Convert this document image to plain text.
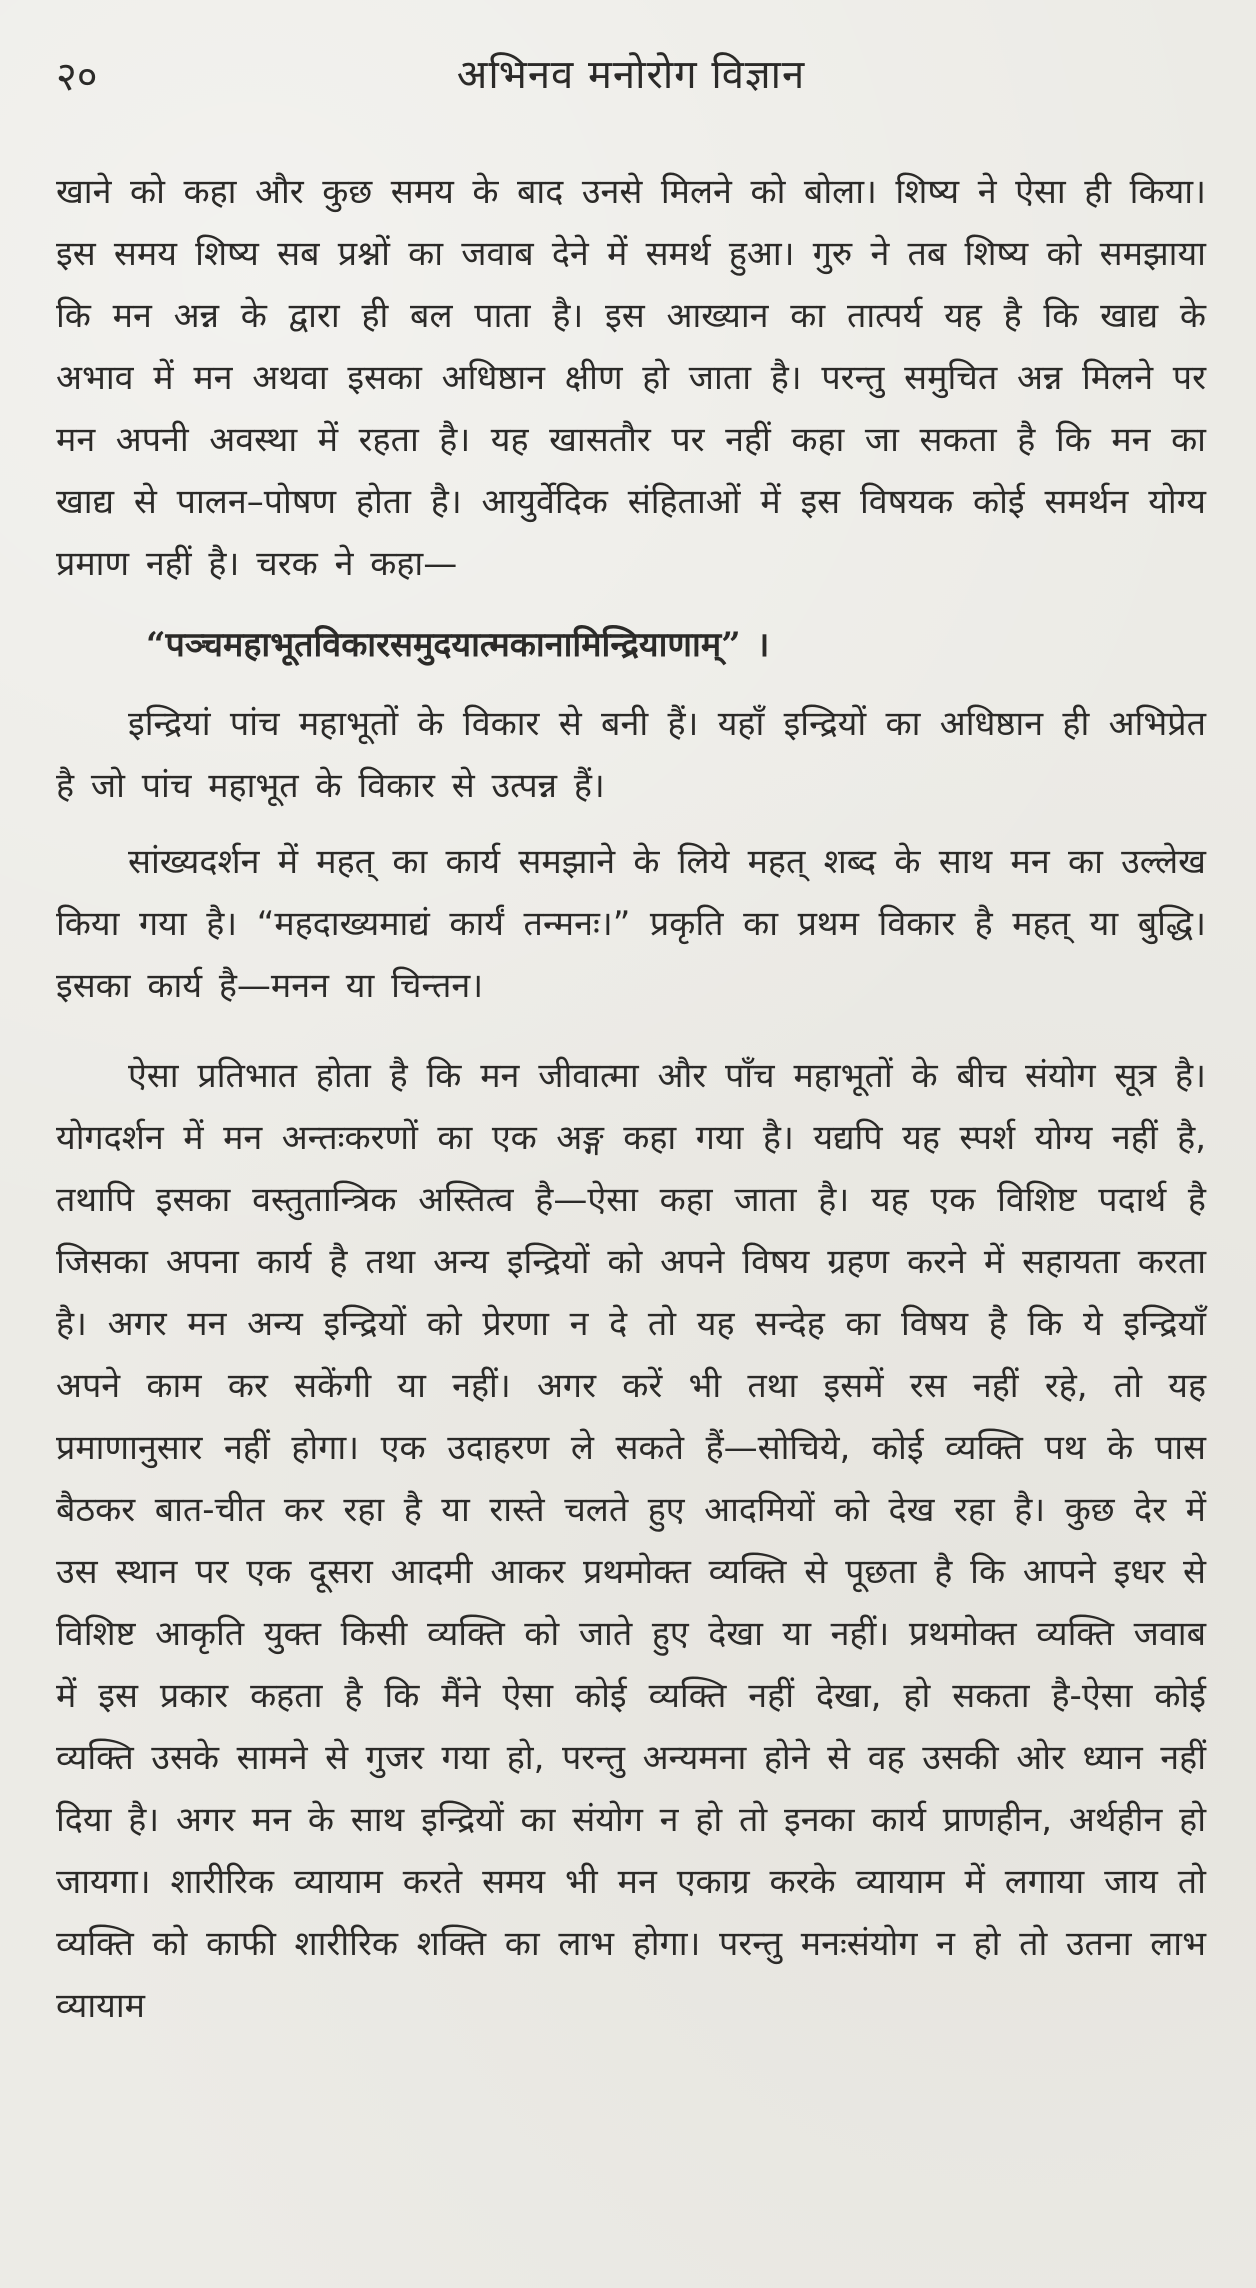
२०	अभिनव मनोरोग विज्ञान

खाने को कहा और कुछ समय के बाद उनसे मिलने को बोला। शिष्य ने ऐसा ही किया। इस समय शिष्य सब प्रश्नों का जवाब देने में समर्थ हुआ। गुरु ने तब शिष्य को समझाया कि मन अन्न के द्वारा ही बल पाता है। इस आख्यान का तात्पर्य यह है कि खाद्य के अभाव में मन अथवा इसका अधिष्ठान क्षीण हो जाता है। परन्तु समुचित अन्न मिलने पर मन अपनी अवस्था में रहता है। यह खासतौर पर नहीं कहा जा सकता है कि मन का खाद्य से पालन–पोषण होता है। आयुर्वेदिक संहिताओं में इस विषयक कोई समर्थन योग्य प्रमाण नहीं है। चरक ने कहा—

“पञ्चमहाभूतविकारसमुदयात्मकानामिन्द्रियाणाम्” ।

इन्द्रियां पांच महाभूतों के विकार से बनी हैं। यहाँ इन्द्रियों का अधिष्ठान ही अभिप्रेत है जो पांच महाभूत के विकार से उत्पन्न हैं।

सांख्यदर्शन में महत् का कार्य समझाने के लिये महत् शब्द के साथ मन का उल्लेख किया गया है। “महदाख्यमाद्यं कार्यं तन्मनः।” प्रकृति का प्रथम विकार है महत् या बुद्धि। इसका कार्य है—मनन या चिन्तन।

ऐसा प्रतिभात होता है कि मन जीवात्मा और पाँच महाभूतों के बीच संयोग सूत्र है। योगदर्शन में मन अन्तःकरणों का एक अङ्ग कहा गया है। यद्यपि यह स्पर्श योग्य नहीं है, तथापि इसका वस्तुतान्त्रिक अस्तित्व है—ऐसा कहा जाता है। यह एक विशिष्ट पदार्थ है जिसका अपना कार्य है तथा अन्य इन्द्रियों को अपने विषय ग्रहण करने में सहायता करता है। अगर मन अन्य इन्द्रियों को प्रेरणा न दे तो यह सन्देह का विषय है कि ये इन्द्रियाँ अपने काम कर सकेंगी या नहीं। अगर करें भी तथा इसमें रस नहीं रहे, तो यह प्रमाणानुसार नहीं होगा। एक उदाहरण ले सकते हैं—सोचिये, कोई व्यक्ति पथ के पास बैठकर बात-चीत कर रहा है या रास्ते चलते हुए आदमियों को देख रहा है। कुछ देर में उस स्थान पर एक दूसरा आदमी आकर प्रथमोक्त व्यक्ति से पूछता है कि आपने इधर से विशिष्ट आकृति युक्त किसी व्यक्ति को जाते हुए देखा या नहीं। प्रथमोक्त व्यक्ति जवाब में इस प्रकार कहता है कि मैंने ऐसा कोई व्यक्ति नहीं देखा, हो सकता है-ऐसा कोई व्यक्ति उसके सामने से गुजर गया हो, परन्तु अन्यमना होने से वह उसकी ओर ध्यान नहीं दिया है। अगर मन के साथ इन्द्रियों का संयोग न हो तो इनका कार्य प्राणहीन, अर्थहीन हो जायगा। शारीरिक व्यायाम करते समय भी मन एकाग्र करके व्यायाम में लगाया जाय तो व्यक्ति को काफी शारीरिक शक्ति का लाभ होगा। परन्तु मनःसंयोग न हो तो उतना लाभ व्यायाम
